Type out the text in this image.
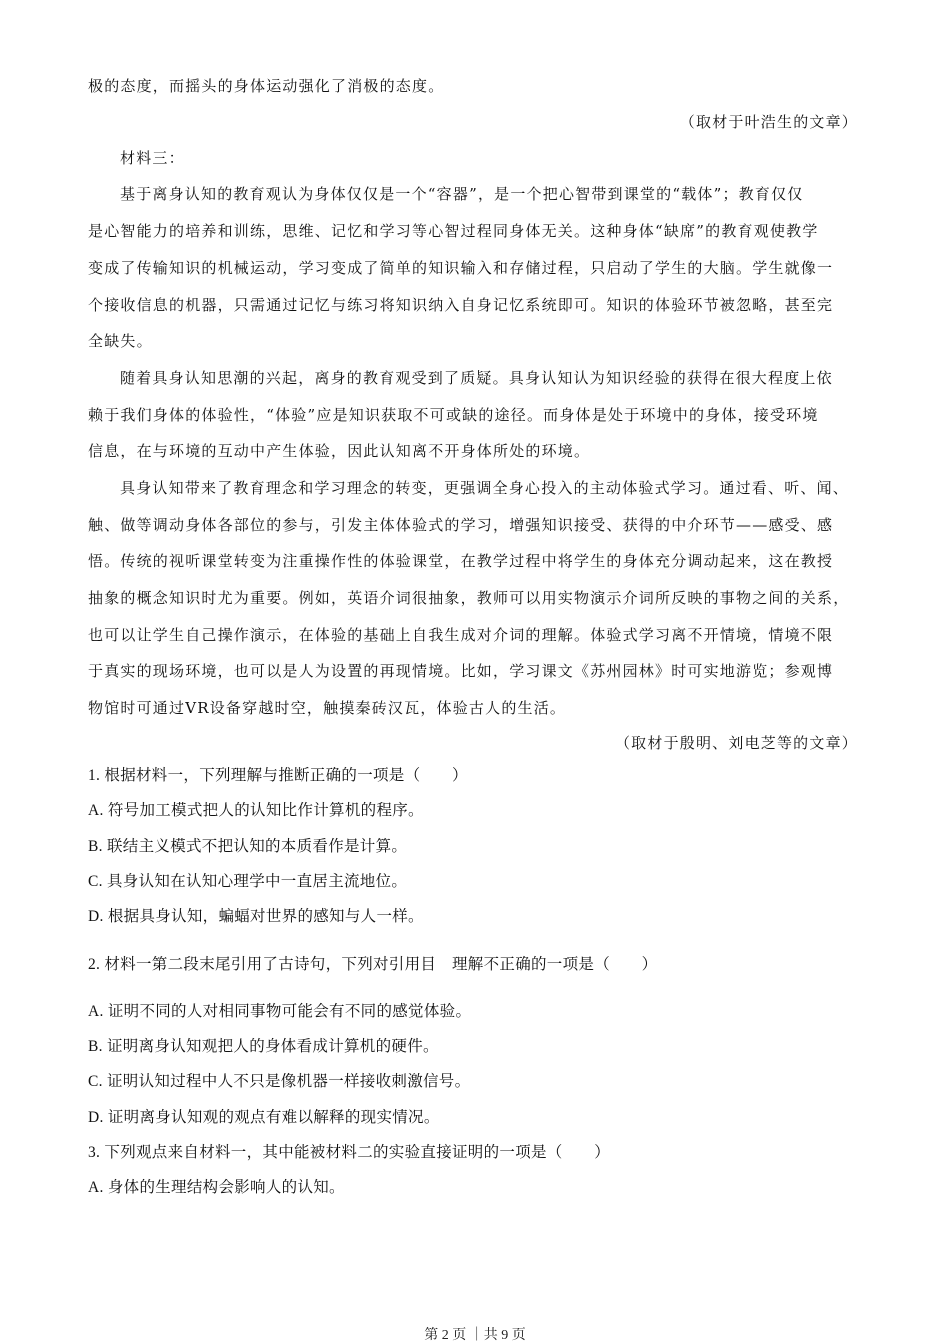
极的态度，而摇头的身体运动强化了消极的态度。
（取材于叶浩生的文章）
材料三：
基于离身认知的教育观认为身体仅仅是一个“容器”，是一个把心智带到课堂的“载体”；教育仅仅
是心智能力的培养和训练，思维、记忆和学习等心智过程同身体无关。这种身体“缺席”的教育观使教学
变成了传输知识的机械运动，学习变成了简单的知识输入和存储过程，只启动了学生的大脑。学生就像一
个接收信息的机器，只需通过记忆与练习将知识纳入自身记忆系统即可。知识的体验环节被忽略，甚至完
全缺失。
随着具身认知思潮的兴起，离身的教育观受到了质疑。具身认知认为知识经验的获得在很大程度上依
赖于我们身体的体验性，“体验”应是知识获取不可或缺的途径。而身体是处于环境中的身体，接受环境
信息，在与环境的互动中产生体验，因此认知离不开身体所处的环境。
具身认知带来了教育理念和学习理念的转变，更强调全身心投入的主动体验式学习。通过看、听、闻、
触、做等调动身体各部位的参与，引发主体体验式的学习，增强知识接受、获得的中介环节——感受、感
悟。传统的视听课堂转变为注重操作性的体验课堂，在教学过程中将学生的身体充分调动起来，这在教授
抽象的概念知识时尤为重要。例如，英语介词很抽象，教师可以用实物演示介词所反映的事物之间的关系，
也可以让学生自己操作演示，在体验的基础上自我生成对介词的理解。体验式学习离不开情境，情境不限
于真实的现场环境，也可以是人为设置的再现情境。比如，学习课文《苏州园林》时可实地游览；参观博
物馆时可通过VR设备穿越时空，触摸秦砖汉瓦，体验古人的生活。
（取材于殷明、刘电芝等的文章）
1. 根据材料一，下列理解与推断正确的一项是（　　）
A. 符号加工模式把人的认知比作计算机的程序。
B. 联结主义模式不把认知的本质看作是计算。
C. 具身认知在认知心理学中一直居主流地位。
D. 根据具身认知，蝙蝠对世界的感知与人一样。
2. 材料一第二段末尾引用了古诗句，下列对引用目　理解不正确的一项是（　　）
A. 证明不同的人对相同事物可能会有不同的感觉体验。
B. 证明离身认知观把人的身体看成计算机的硬件。
C. 证明认知过程中人不只是像机器一样接收刺激信号。
D. 证明离身认知观的观点有难以解释的现实情况。
3. 下列观点来自材料一，其中能被材料二的实验直接证明的一项是（　　）
A. 身体的生理结构会影响人的认知。
第 2 页 ｜共 9 页
